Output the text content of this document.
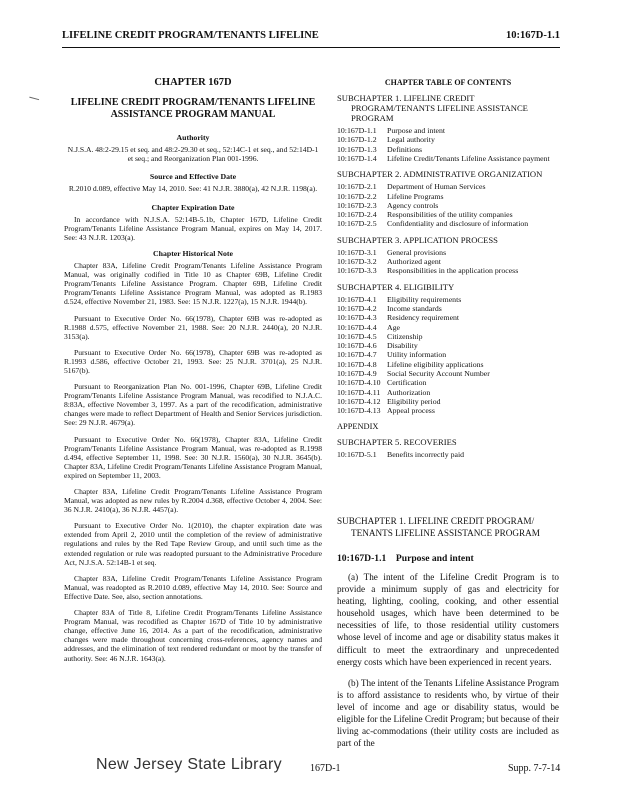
LIFELINE CREDIT PROGRAM/TENANTS LIFELINE	10:167D-1.1
CHAPTER 167D
LIFELINE CREDIT PROGRAM/TENANTS LIFELINE ASSISTANCE PROGRAM MANUAL
Authority
N.J.S.A. 48:2-29.15 et seq. and 48:2-29.30 et seq., 52:14C-1 et seq., and 52:14D-1 et seq.; and Reorganization Plan 001-1996.
Source and Effective Date
R.2010 d.089, effective May 14, 2010. See: 41 N.J.R. 3880(a), 42 N.J.R. 1198(a).
Chapter Expiration Date
In accordance with N.J.S.A. 52:14B-5.1b, Chapter 167D, Lifeline Credit Program/Tenants Lifeline Assistance Program Manual, expires on May 14, 2017. See: 43 N.J.R. 1203(a).
Chapter Historical Note
Chapter 83A, Lifeline Credit Program/Tenants Lifeline Assistance Program Manual, was originally codified in Title 10 as Chapter 69B, Lifeline Credit Program/Tenants Lifeline Assistance Program. Chapter 69B, Lifeline Credit Program/Tenants Lifeline Assistance Program Manual, was adopted as R.1983 d.524, effective November 21, 1983. See: 15 N.J.R. 1227(a), 15 N.J.R. 1944(b).
Pursuant to Executive Order No. 66(1978), Chapter 69B was re-adopted as R.1988 d.575, effective November 21, 1988. See: 20 N.J.R. 2440(a), 20 N.J.R. 3153(a).
Pursuant to Executive Order No. 66(1978), Chapter 69B was re-adopted as R.1993 d.586, effective October 21, 1993. See: 25 N.J.R. 3701(a), 25 N.J.R. 5167(b).
Pursuant to Reorganization Plan No. 001-1996, Chapter 69B, Lifeline Credit Program/Tenants Lifeline Assistance Program Manual, was recodified to N.J.A.C. 8:83A, effective November 3, 1997. As a part of the recodification, administrative changes were made to reflect Department of Health and Senior Services jurisdiction. See: 29 N.J.R. 4679(a).
Pursuant to Executive Order No. 66(1978), Chapter 83A, Lifeline Credit Program/Tenants Lifeline Assistance Program Manual, was re-adopted as R.1998 d.494, effective September 11, 1998. See: 30 N.J.R. 1560(a), 30 N.J.R. 3645(b). Chapter 83A, Lifeline Credit Program/Tenants Lifeline Assistance Program Manual, expired on September 11, 2003.
Chapter 83A, Lifeline Credit Program/Tenants Lifeline Assistance Program Manual, was adopted as new rules by R.2004 d.368, effective October 4, 2004. See: 36 N.J.R. 2410(a), 36 N.J.R. 4457(a).
Pursuant to Executive Order No. 1(2010), the chapter expiration date was extended from April 2, 2010 until the completion of the review of administrative regulations and rules by the Red Tape Review Group, and until such time as the extended regulation or rule was readopted pursuant to the Administrative Procedure Act, N.J.S.A. 52:14B-1 et seq.
Chapter 83A, Lifeline Credit Program/Tenants Lifeline Assistance Program Manual, was readopted as R.2010 d.089, effective May 14, 2010. See: Source and Effective Date. See, also, section annotations.
Chapter 83A of Title 8, Lifeline Credit Program/Tenants Lifeline Assistance Program Manual, was recodified as Chapter 167D of Title 10 by administrative change, effective June 16, 2014. As a part of the recodification, administrative changes were made throughout concerning cross-references, agency names and addresses, and the elimination of text rendered redundant or moot by the transfer of authority. See: 46 N.J.R. 1643(a).
CHAPTER TABLE OF CONTENTS
SUBCHAPTER 1. LIFELINE CREDIT
PROGRAM/TENANTS LIFELINE ASSISTANCE
PROGRAM
10:167D-1.1	Purpose and intent
10:167D-1.2	Legal authority
10:167D-1.3	Definitions
10:167D-1.4	Lifeline Credit/Tenants Lifeline Assistance payment
SUBCHAPTER 2. ADMINISTRATIVE ORGANIZATION
10:167D-2.1	Department of Human Services
10:167D-2.2	Lifeline Programs
10:167D-2.3	Agency controls
10:167D-2.4	Responsibilities of the utility companies
10:167D-2.5	Confidentiality and disclosure of information
SUBCHAPTER 3. APPLICATION PROCESS
10:167D-3.1	General provisions
10:167D-3.2	Authorized agent
10:167D-3.3	Responsibilities in the application process
SUBCHAPTER 4. ELIGIBILITY
10:167D-4.1	Eligibility requirements
10:167D-4.2	Income standards
10:167D-4.3	Residency requirement
10:167D-4.4	Age
10:167D-4.5	Citizenship
10:167D-4.6	Disability
10:167D-4.7	Utility information
10:167D-4.8	Lifeline eligibility applications
10:167D-4.9	Social Security Account Number
10:167D-4.10 Certification
10:167D-4.11 Authorization
10:167D-4.12 Eligibility period
10:167D-4.13 Appeal process
APPENDIX
SUBCHAPTER 5. RECOVERIES
10:167D-5.1	Benefits incorrectly paid
SUBCHAPTER 1. LIFELINE CREDIT PROGRAM/
TENANTS LIFELINE ASSISTANCE PROGRAM
10:167D-1.1 Purpose and intent

(a) The intent of the Lifeline Credit Program is to provide a minimum supply of gas and electricity for heating, lighting, cooling, cooking, and other essential household usages, which have been determined to be necessities of life, to those residential utility customers whose level of income and age or disability status makes it difficult to meet the extraordinary and unprecedented energy costs which have been experienced in recent years.

(b) The intent of the Tenants Lifeline Assistance Program is to afford assistance to residents who, by virtue of their level of income and age or disability status, would be eligible for the Lifeline Credit Program; but because of their living ac-commodations (their utility costs are included as part of the

New Jersey State Library	167D-1	Supp. 7-7-14
